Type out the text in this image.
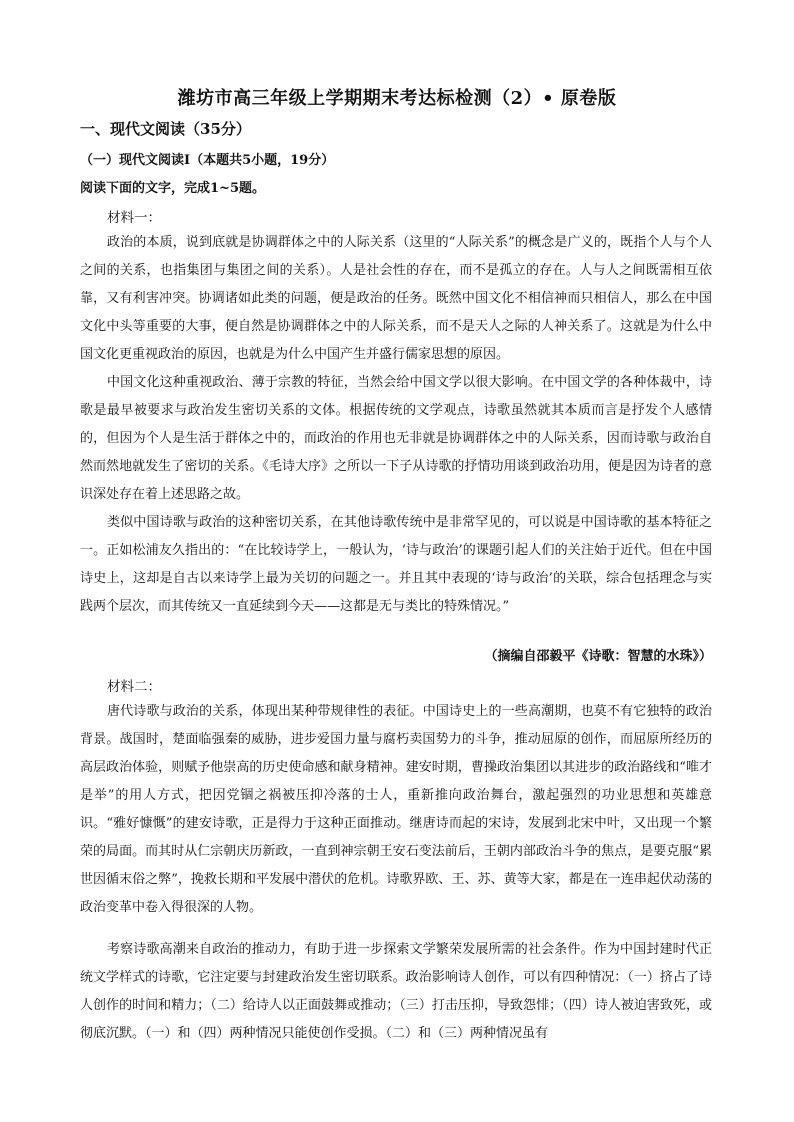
潍坊市高三年级上学期期末考达标检测（2）• 原卷版
一、现代文阅读（35分）
（一）现代文阅读Ⅰ（本题共5小题，19分）
阅读下面的文字，完成1~5题。
材料一：
政治的本质，说到底就是协调群体之中的人际关系（这里的“人际关系”的概念是广义的，既指个人与个人之间的关系，也指集团与集团之间的关系）。人是社会性的存在，而不是孤立的存在。人与人之间既需相互依靠，又有利害冲突。协调诸如此类的问题，便是政治的任务。既然中国文化不相信神而只相信人，那么在中国文化中头等重要的大事，便自然是协调群体之中的人际关系，而不是天人之际的人神关系了。这就是为什么中国文化更重视政治的原因，也就是为什么中国产生并盛行儒家思想的原因。
中国文化这种重视政治、薄于宗教的特征，当然会给中国文学以很大影响。在中国文学的各种体裁中，诗歌是最早被要求与政治发生密切关系的文体。根据传统的文学观点，诗歌虽然就其本质而言是抒发个人感情的，但因为个人是生活于群体之中的，而政治的作用也无非就是协调群体之中的人际关系，因而诗歌与政治自然而然地就发生了密切的关系。《毛诗大序》之所以一下子从诗歌的抒情功用谈到政治功用，便是因为诗者的意识深处存在着上述思路之故。
类似中国诗歌与政治的这种密切关系，在其他诗歌传统中是非常罕见的，可以说是中国诗歌的基本特征之一。正如松浦友久指出的：“在比较诗学上，一般认为，‘诗与政治’的课题引起人们的关注始于近代。但在中国诗史上，这却是自古以来诗学上最为关切的问题之一。并且其中表现的‘诗与政治’的关联，综合包括理念与实践两个层次，而其传统又一直延续到今天——这都是无与类比的特殊情况。”
（摘编自邵毅平《诗歌：智慧的水珠》）
材料二：
唐代诗歌与政治的关系，体现出某种带规律性的表征。中国诗史上的一些高潮期，也莫不有它独特的政治背景。战国时，楚面临强秦的威胁，进步爱国力量与腐朽卖国势力的斗争，推动屈原的创作，而屈原所经历的高层政治体验，则赋予他崇高的历史使命感和献身精神。建安时期，曹操政治集团以其进步的政治路线和“唯才是举”的用人方式，把因党锢之祸被压抑冷落的士人，重新推向政治舞台，激起强烈的功业思想和英雄意识。“雅好慷慨”的建安诗歌，正是得力于这种正面推动。继唐诗而起的宋诗，发展到北宋中叶，又出现一个繁荣的局面。而其时从仁宗朝庆历新政，一直到神宗朝王安石变法前后，王朝内部政治斗争的焦点，是要克服“累世因循末俗之弊”，挽救长期和平发展中潜伏的危机。诗歌界欧、王、苏、黄等大家，都是在一连串起伏动荡的政治变革中卷入得很深的人物。
考察诗歌高潮来自政治的推动力，有助于进一步探索文学繁荣发展所需的社会条件。作为中国封建时代正统文学样式的诗歌，它注定要与封建政治发生密切联系。政治影响诗人创作，可以有四种情况：（一）挤占了诗人创作的时间和精力；（二）给诗人以正面鼓舞或推动；（三）打击压抑，导致怨悱；（四）诗人被迫害致死，或彻底沉默。（一）和（四）两种情况只能使创作受损。（二）和（三）两种情况虽有
